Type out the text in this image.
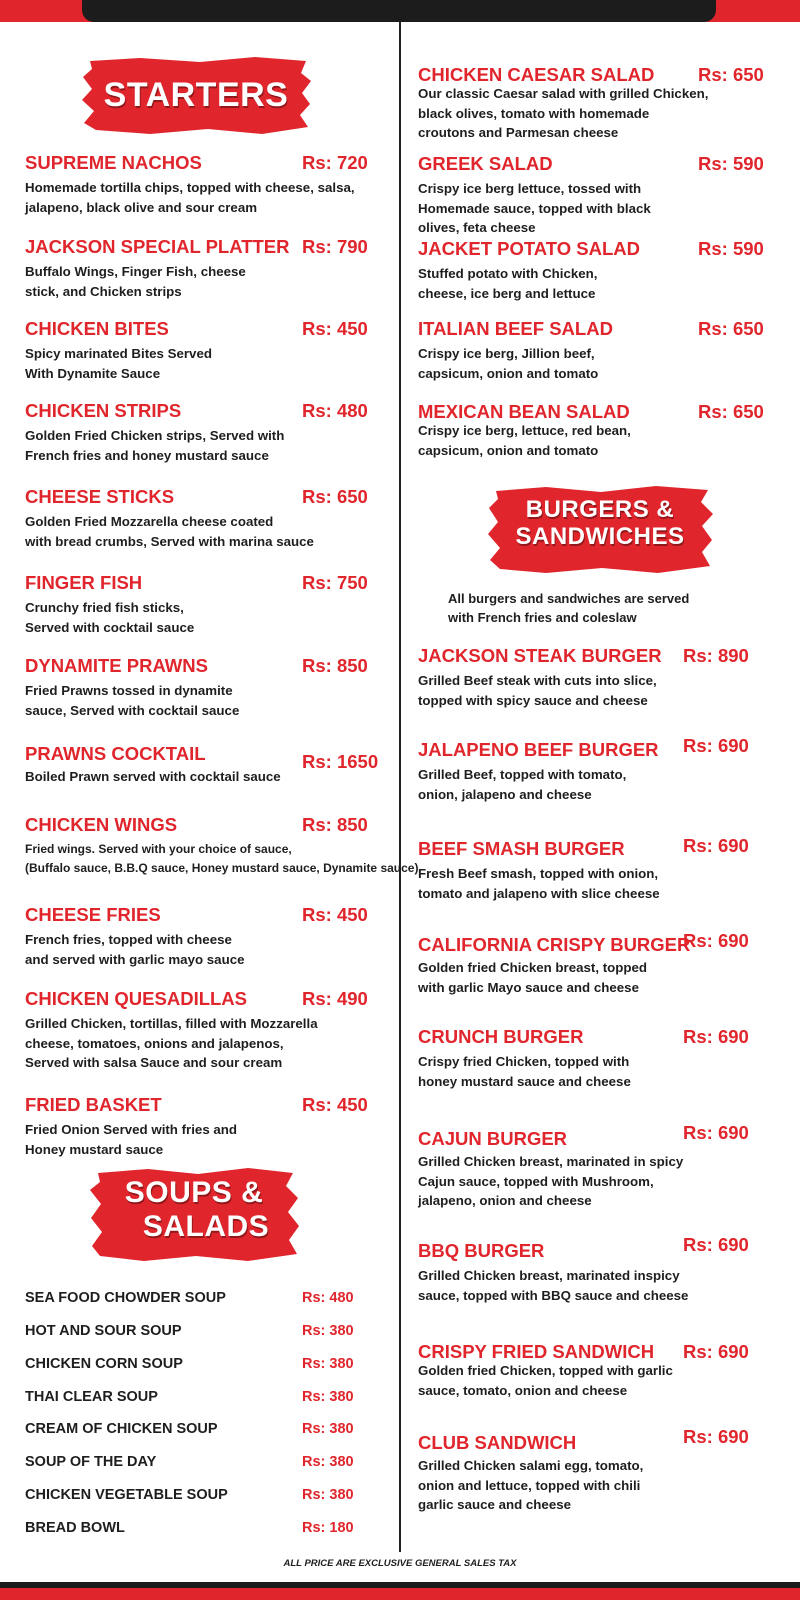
STARTERS
SOUPS &
SALADS
BURGERS &
SANDWICHES
All burgers and sandwiches are served
with French fries and coleslaw
SUPREME NACHOS	Rs: 720
Homemade tortilla chips, topped with cheese, salsa,
jalapeno, black olive and sour cream
JACKSON SPECIAL PLATTER Rs: 790
Buffalo Wings, Finger Fish, cheese
stick, and Chicken strips
CHICKEN BITES	Rs: 450
Spicy marinated Bites Served
With Dynamite Sauce
CHICKEN STRIPS	Rs: 480
Golden Fried Chicken strips, Served with
French fries and honey mustard sauce
CHEESE STICKS	Rs: 650
Golden Fried Mozzarella cheese coated
with bread crumbs, Served with marina sauce
FINGER FISH	Rs: 750
Crunchy fried fish sticks,
Served with cocktail sauce
DYNAMITE PRAWNS	Rs: 850
Fried Prawns tossed in dynamite
sauce, Served with cocktail sauce
PRAWNS COCKTAIL	Rs: 1650
Boiled Prawn served with cocktail sauce
CHICKEN WINGS	Rs: 850
Fried wings. Served with your choice of sauce,
(Buffalo sauce, B.B.Q sauce, Honey mustard sauce, Dynamite sauce)
CHEESE FRIES	Rs: 450
French fries, topped with cheese
and served with garlic mayo sauce
CHICKEN QUESADILLAS	Rs: 490
Grilled Chicken, tortillas, filled with Mozzarella
cheese, tomatoes, onions and jalapenos,
Served with salsa Sauce and sour cream
FRIED BASKET	Rs: 450
Fried Onion Served with fries and
Honey mustard sauce
CHICKEN CAESAR SALAD Rs: 650
Our classic Caesar salad with grilled Chicken,
black olives, tomato with homemade
croutons and Parmesan cheese
GREEK SALAD	Rs: 590
Crispy ice berg lettuce, tossed with
Homemade sauce, topped with black
olives, feta cheese
JACKET POTATO SALAD	Rs: 590
Stuffed potato with Chicken,
cheese, ice berg and lettuce
ITALIAN BEEF SALAD	Rs: 650
Crispy ice berg, Jillion beef,
capsicum, onion and tomato
MEXICAN BEAN SALAD	Rs: 650
Crispy ice berg, lettuce, red bean,
capsicum, onion and tomato
JACKSON STEAK BURGER Rs: 890
Grilled Beef steak with cuts into slice,
topped with spicy sauce and cheese
JALAPENO BEEF BURGER Rs: 690
Grilled Beef, topped with tomato,
onion, jalapeno and cheese
BEEF SMASH BURGER	Rs: 690
Fresh Beef smash, topped with onion,
tomato and jalapeno with slice cheese
CALIFORNIA CRISPY BURGER
Rs: 690
Golden fried Chicken breast, topped
with garlic Mayo sauce and cheese
CRUNCH BURGER	Rs: 690
Crispy fried Chicken, topped with
honey mustard sauce and cheese
CAJUN BURGER	Rs: 690
Grilled Chicken breast, marinated in spicy
Cajun sauce, topped with Mushroom,
jalapeno, onion and cheese
BBQ BURGER	Rs: 690
Grilled Chicken breast, marinated inspicy
sauce, topped with BBQ sauce and cheese
CRISPY FRIED SANDWICH Rs: 690
Golden fried Chicken, topped with garlic
sauce, tomato, onion and cheese
CLUB SANDWICH	Rs: 690
Grilled Chicken salami egg, tomato,
onion and lettuce, topped with chili
garlic sauce and cheese
SEA FOOD CHOWDER SOUP	Rs: 480
HOT AND SOUR SOUP	Rs: 380
CHICKEN CORN SOUP	Rs: 380
THAI CLEAR SOUP	Rs: 380
CREAM OF CHICKEN SOUP	Rs: 380
SOUP OF THE DAY	Rs: 380
CHICKEN VEGETABLE SOUP	Rs: 380
BREAD BOWL	Rs: 180
ALL PRICE ARE EXCLUSIVE GENERAL SALES TAX
